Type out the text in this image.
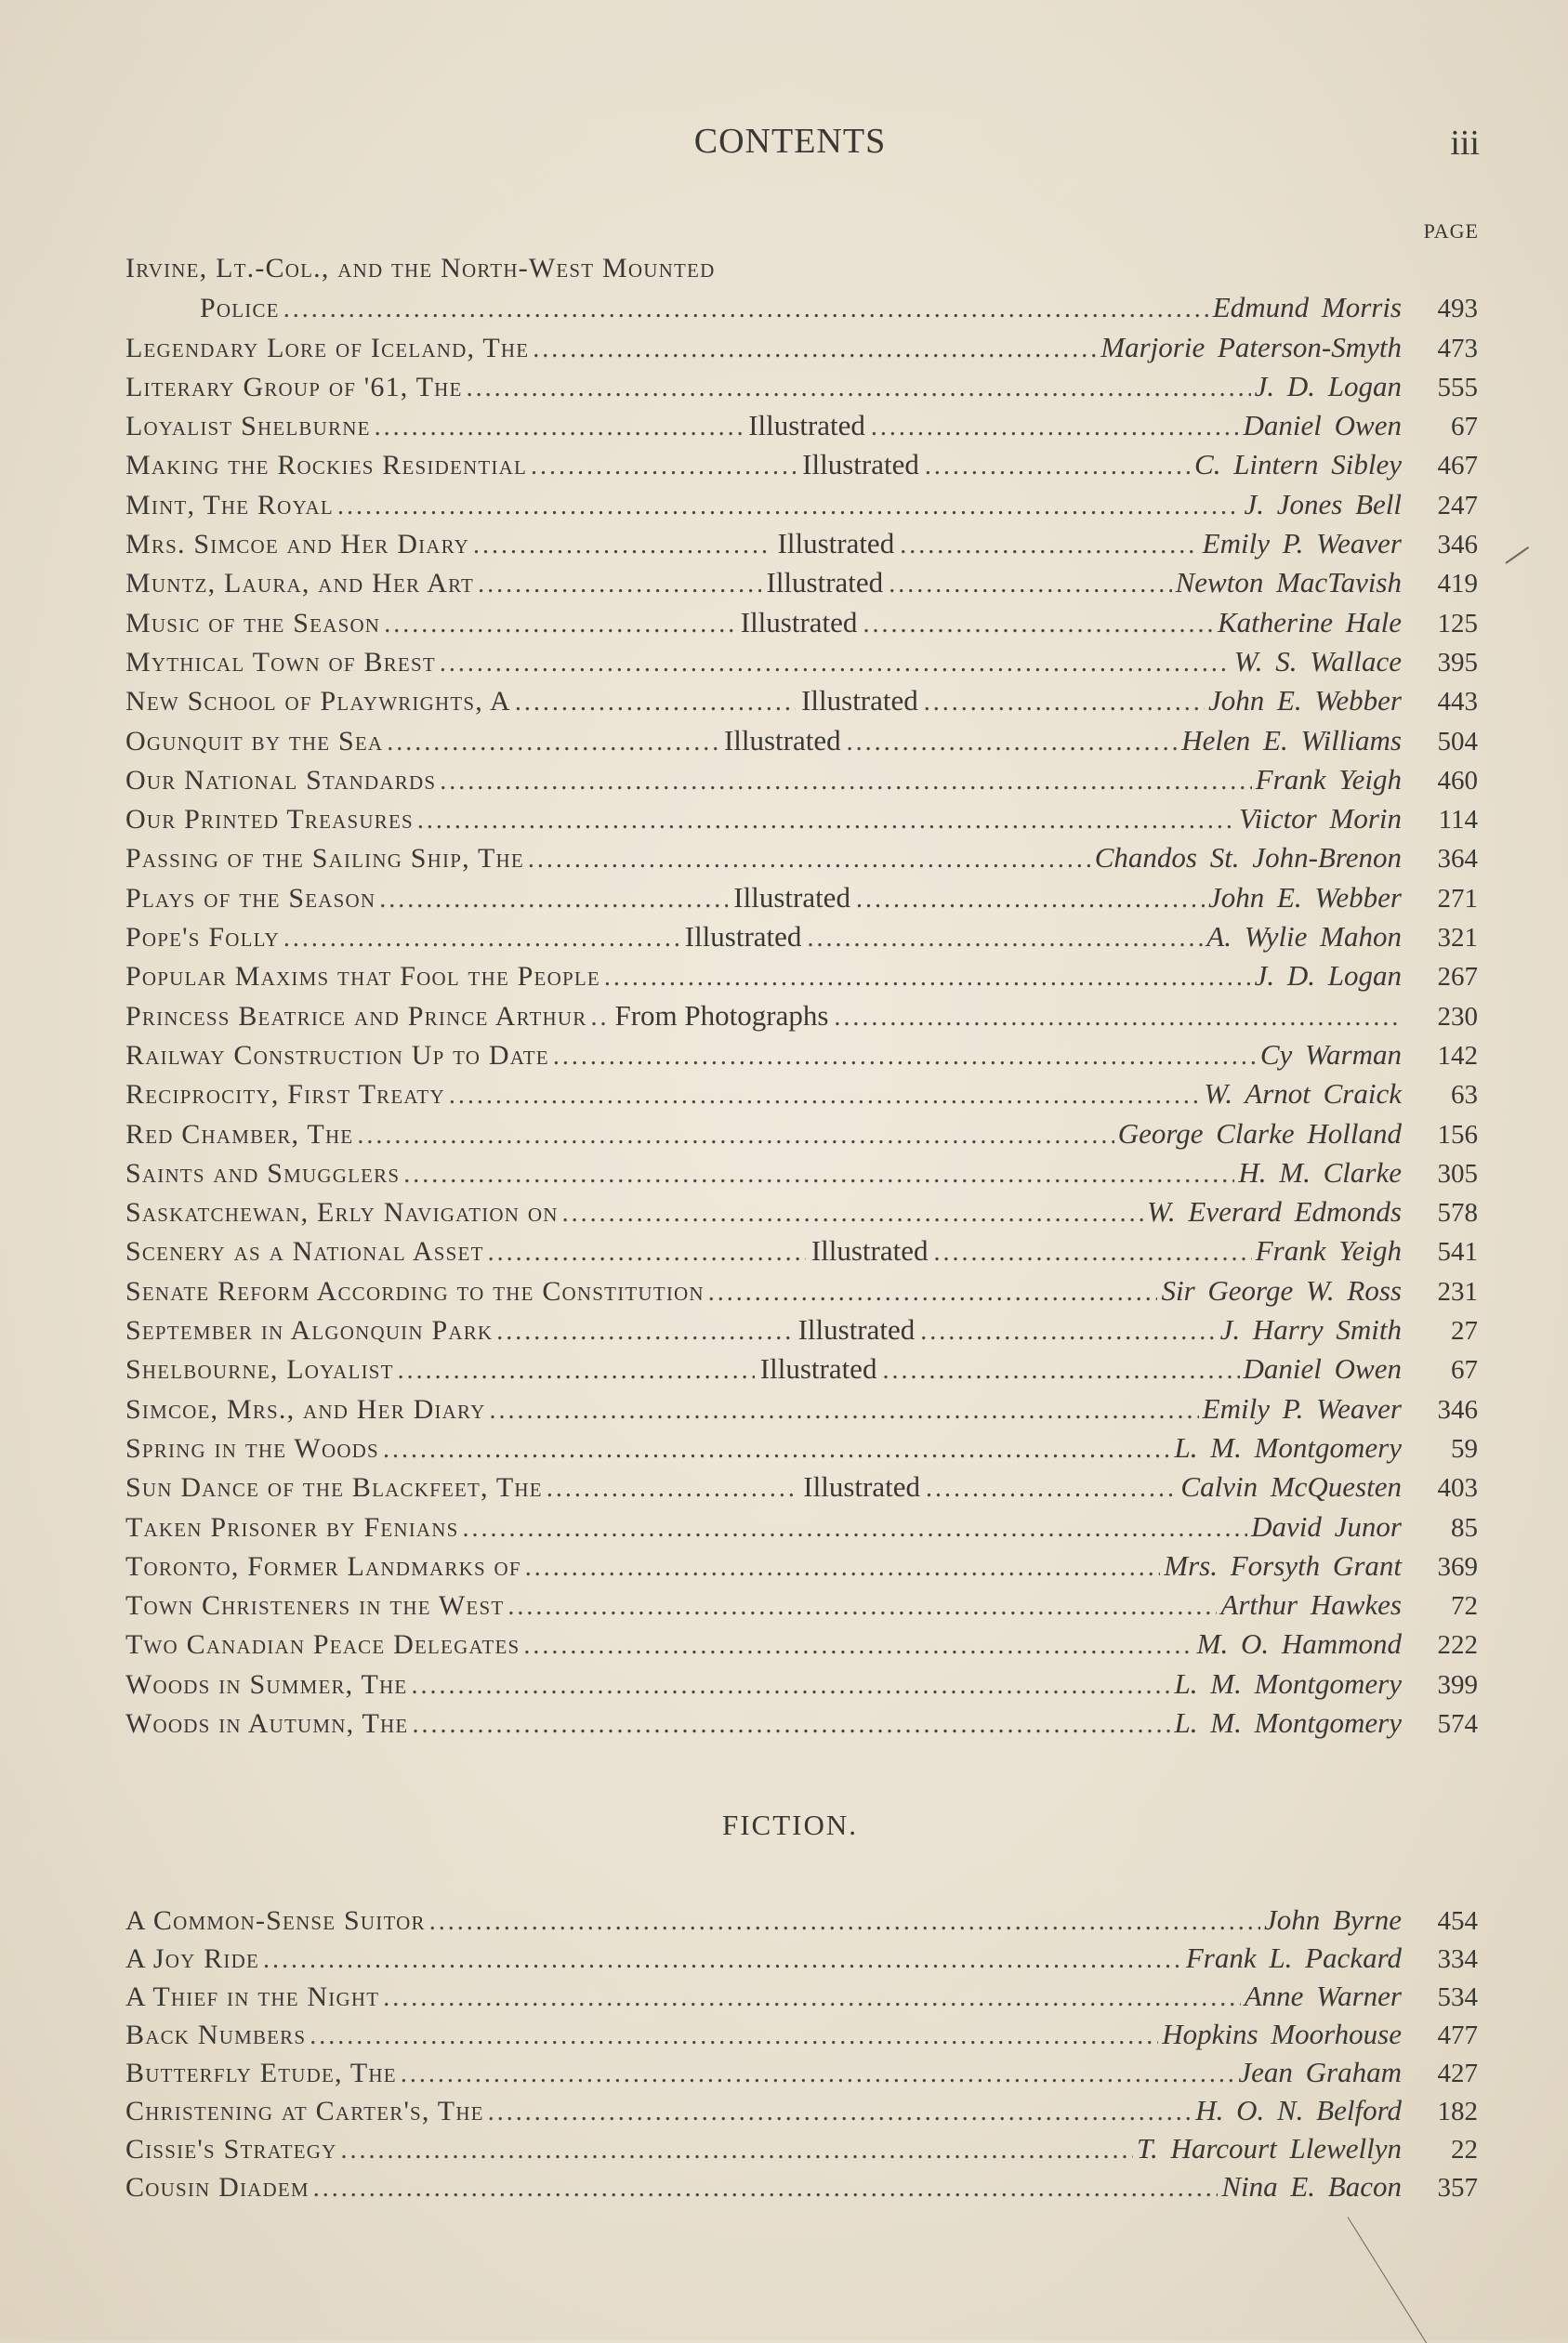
CONTENTS	iii
PAGE
Irvine, Lt.-Col., and the North-West Mounted
Police .....	Edmund Morris	493
Legendary Lore of Iceland, The .....	Marjorie Paterson-Smyth	473
Literary Group of '61, The .....	J. D. Logan	555
Loyalist Shelburne .....	Illustrated .....	Daniel Owen	67
Making the Rockies Residential .....	Illustrated .....	C. Lintern Sibley	467
Mint, The Royal .....	J. Jones Bell	247
Mrs. Simcoe and Her Diary .....	Illustrated .....	Emily P. Weaver	346
Muntz, Laura, and Her Art .....	Illustrated .....	Newton MacTavish	419
Music of the Season .....	Illustrated .....	Katherine Hale	125
Mythical Town of Brest .....	W. S. Wallace	395
New School of Playwrights, A .....	Illustrated .....	John E. Webber	443
Ogunquit by the Sea .....	Illustrated .....	Helen E. Williams	504
Our National Standards .....	Frank Yeigh	460
Our Printed Treasures .....	Viictor Morin	114
Passing of the Sailing Ship, The .....	Chandos St. John-Brenon	364
Plays of the Season .....	Illustrated .....	John E. Webber	271
Pope's Folly .....	Illustrated .....	A. Wylie Mahon	321
Popular Maxims that Fool the People .....	J. D. Logan	267
Princess Beatrice and Prince Arthur ..... From Photographs .....	230
Railway Construction Up to Date .....	Cy Warman	142
Reciprocity, First Treaty .....	W. Arnot Craick	63
Red Chamber, The .....	George Clarke Holland	156
Saints and Smugglers .....	H. M. Clarke	305
Saskatchewan, Erly Navigation on .....	W. Everard Edmonds	578
Scenery as a National Asset .....	Illustrated .....	Frank Yeigh	541
Senate Reform According to the Constitution .....	Sir George W. Ross	231
September in Algonquin Park .....	Illustrated .....	J. Harry Smith	27
Shelbourne, Loyalist .....	Illustrated .....	Daniel Owen	67
Simcoe, Mrs., and Her Diary .....	Emily P. Weaver	346
Spring in the Woods .....	L. M. Montgomery	59
Sun Dance of the Blackfeet, The .....	Illustrated .....	Calvin McQuesten	403
Taken Prisoner by Fenians .....	David Junor	85
Toronto, Former Landmarks of .....	Mrs. Forsyth Grant	369
Town Christeners in the West .....	Arthur Hawkes	72
Two Canadian Peace Delegates .....	M. O. Hammond	222
Woods in Summer, The .....	L. M. Montgomery	399
Woods in Autumn, The .....	L. M. Montgomery	574
FICTION.
A Common-Sense Suitor .....	John Byrne	454
A Joy Ride .....	Frank L. Packard	334
A Thief in the Night .....	Anne Warner	534
Back Numbers .....	Hopkins Moorhouse	477
Butterfly Etude, The .....	Jean Graham	427
Christening at Carter's, The .....	H. O. N. Belford	182
Cissie's Strategy .....	T. Harcourt Llewellyn	22
Cousin Diadem .....	Nina E. Bacon	357
